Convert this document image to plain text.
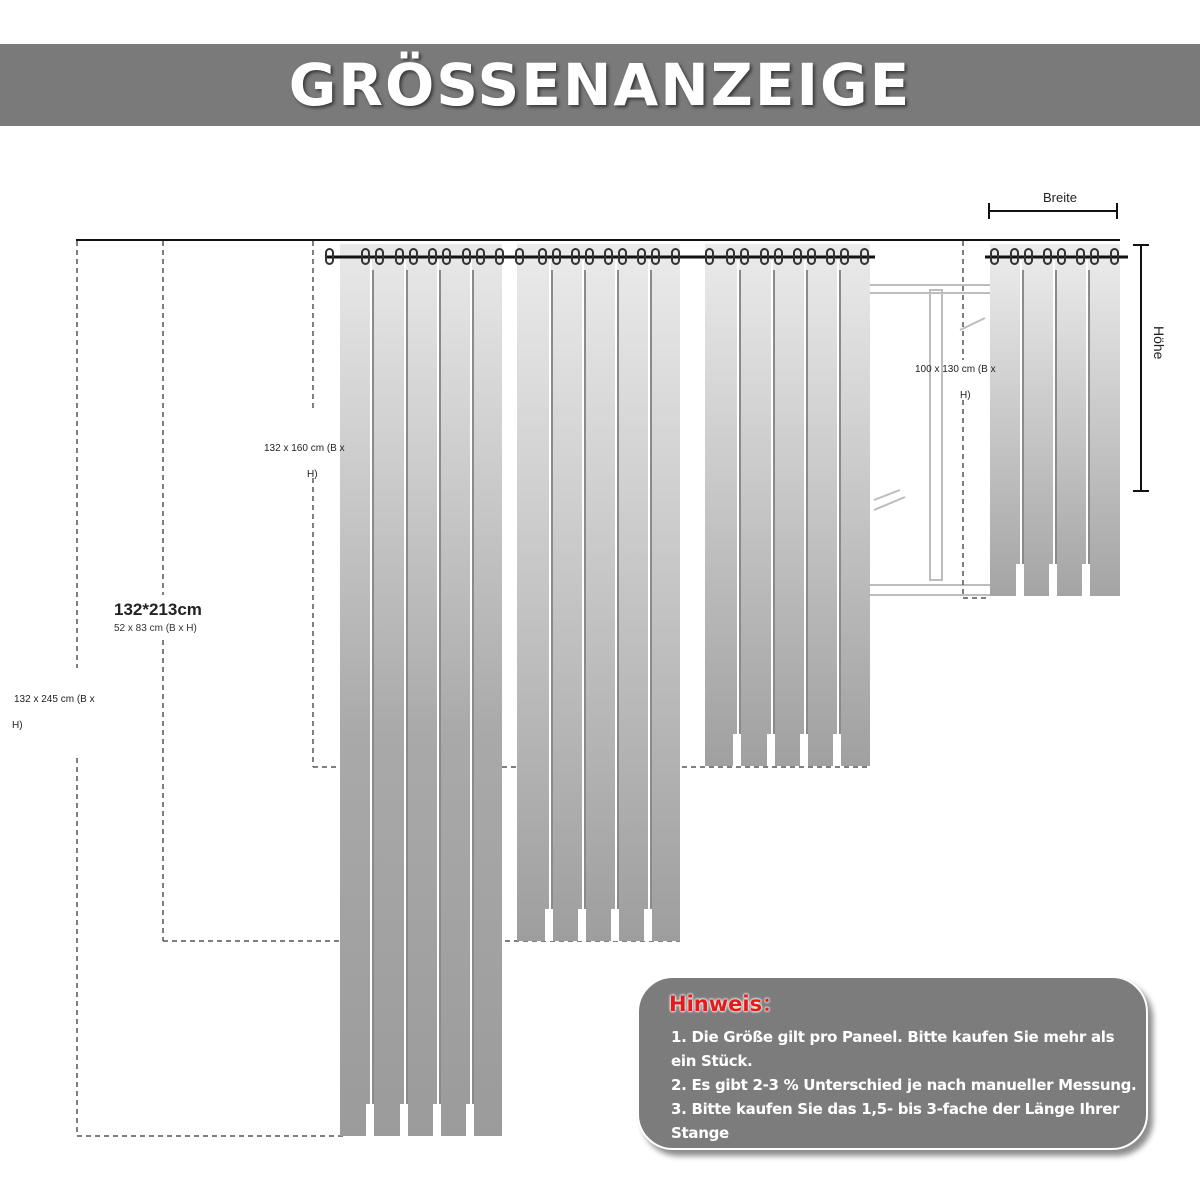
GRÖSSENANZEIGE
132 x 245 cm (B x
H)
132*213cm
52 x 83 cm (B x H)
132 x 160 cm (B x
H)
100 x 130 cm (B x
H)
Breite
Höhe
Hinweis：
1. Die Größe gilt pro Paneel. Bitte kaufen Sie mehr als
ein Stück.
2. Es gibt 2-3 % Unterschied je nach manueller Messung.
3. Bitte kaufen Sie das 1,5- bis 3-fache der Länge Ihrer
Stange
